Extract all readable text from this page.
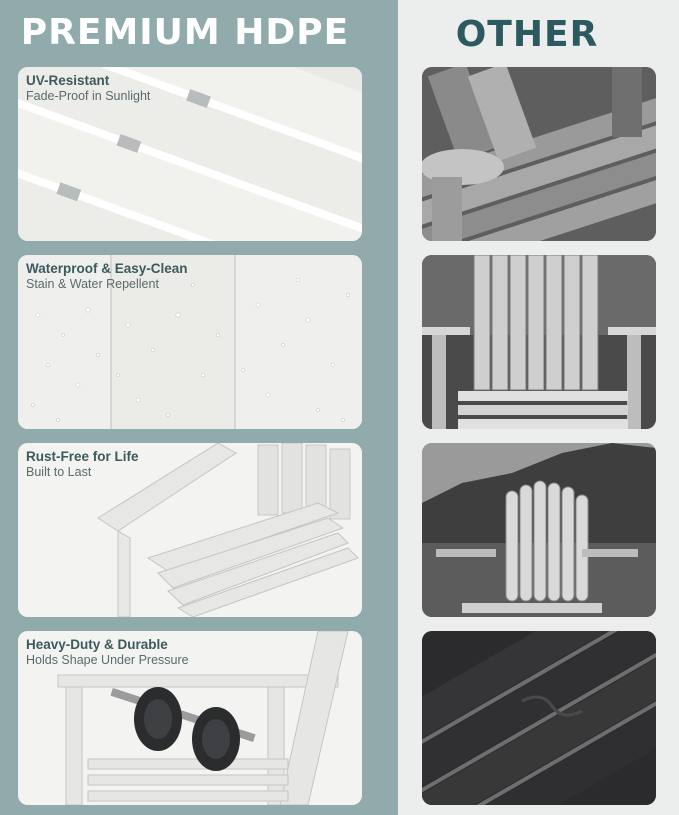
PREMIUM HDPE	OTHER
UV-Resistant
Fade-Proof in Sunlight
Waterproof & Easy-Clean
Stain & Water Repellent
Rust-Free for Life
Built to Last
Heavy-Duty & Durable
Holds Shape Under Pressure
